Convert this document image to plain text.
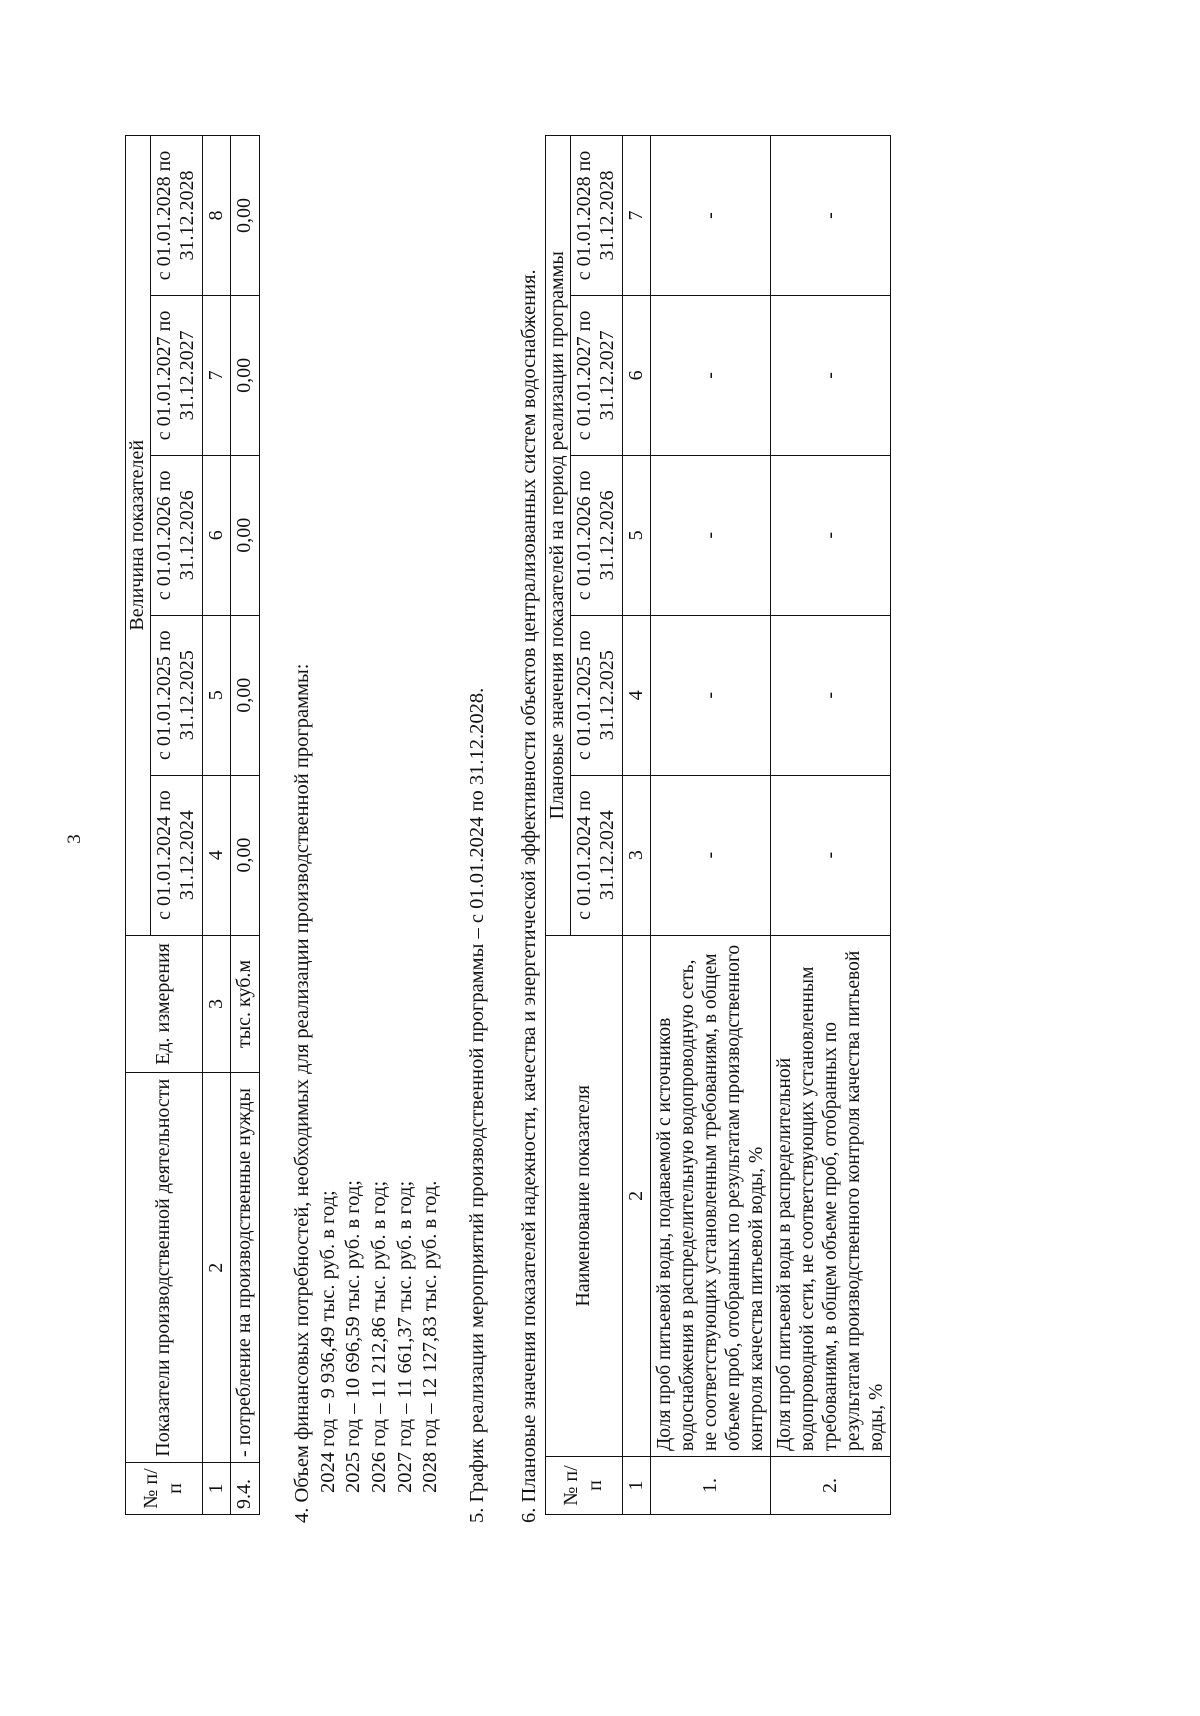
3
№ п/п	Показатели производственной деятельности	Ед. измерения	Величина показателей				
			с 01.01.2024 по 31.12.2024	с 01.01.2025 по 31.12.2025	с 01.01.2026 по 31.12.2026	с 01.01.2027 по 31.12.2027	с 01.01.2028 по 31.12.2028
1	2	3	4	5	6	7	8
9.4.	- потребление на производственные нужды	тыс. куб.м	0,00	0,00	0,00	0,00	0,00
4. Объем финансовых потребностей, необходимых для реализации производственной программы: 2024 год – 9 936,49 тыс. руб. в год; 2025 год – 10 696,59 тыс. руб. в год; 2026 год – 11 212,86 тыс. руб. в год; 2027 год – 11 661,37 тыс. руб. в год; 2028 год – 12 127,83 тыс. руб. в год. 5. График реализации мероприятий производственной программы – с 01.01.2024 по 31.12.2028. 6. Плановые значения показателей надежности, качества и энергетической эффективности объектов централизованных систем водоснабжения. № п/п	Наименование показателя	Плановые значения показателей на период реализации программы				
		с 01.01.2024 по 31.12.2024	с 01.01.2025 по 31.12.2025	с 01.01.2026 по 31.12.2026	с 01.01.2027 по 31.12.2027	с 01.01.2028 по 31.12.2028
1	2	3	4	5	6	7
1.	Доля проб питьевой воды, подаваемой с источников водоснабжения в распределительную водопроводную сеть, не соответствующих установленным требованиям, в общем объеме проб, отобранных по результатам производственного контроля качества питьевой воды, %	-	-	-	-	-
2.	Доля проб питьевой воды в распределительной водопроводной сети, не соответствующих установленным требованиям, в общем объеме проб, отобранных по результатам производственного контроля качества питьевой воды, %	-	-	-	-	-
